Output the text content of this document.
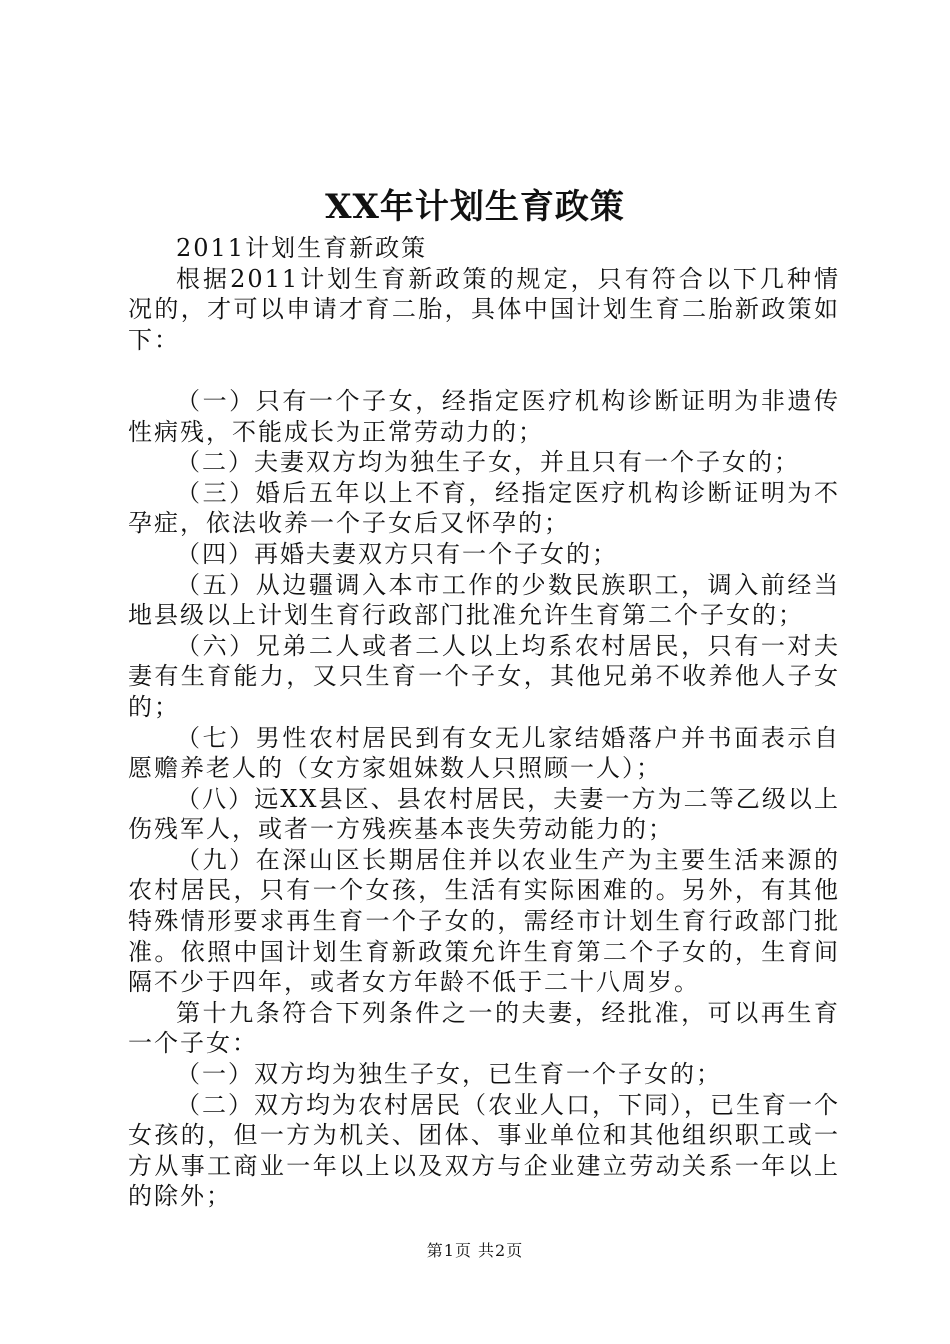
XX年计划生育政策

2011计划生育新政策

根据2011计划生育新政策的规定，只有符合以下几种情况的，才可以申请才育二胎，具体中国计划生育二胎新政策如下：

（一）只有一个子女，经指定医疗机构诊断证明为非遗传性病残，不能成长为正常劳动力的；

（二）夫妻双方均为独生子女，并且只有一个子女的；

（三）婚后五年以上不育，经指定医疗机构诊断证明为不孕症，依法收养一个子女后又怀孕的；

（四）再婚夫妻双方只有一个子女的；

（五）从边疆调入本市工作的少数民族职工，调入前经当地县级以上计划生育行政部门批准允许生育第二个子女的；

（六）兄弟二人或者二人以上均系农村居民，只有一对夫妻有生育能力，又只生育一个子女，其他兄弟不收养他人子女的；

（七）男性农村居民到有女无儿家结婚落户并书面表示自愿赡养老人的（女方家姐妹数人只照顾一人）；

（八）远XX县区、县农村居民，夫妻一方为二等乙级以上伤残军人，或者一方残疾基本丧失劳动能力的；

（九）在深山区长期居住并以农业生产为主要生活来源的农村居民，只有一个女孩，生活有实际困难的。另外，有其他特殊情形要求再生育一个子女的，需经市计划生育行政部门批准。依照中国计划生育新政策允许生育第二个子女的，生育间隔不少于四年，或者女方年龄不低于二十八周岁。

第十九条符合下列条件之一的夫妻，经批准，可以再生育一个子女：

（一）双方均为独生子女，已生育一个子女的；

（二）双方均为农村居民（农业人口，下同），已生育一个女孩的，但一方为机关、团体、事业单位和其他组织职工或一方从事工商业一年以上以及双方与企业建立劳动关系一年以上的除外；

第1页 共2页
